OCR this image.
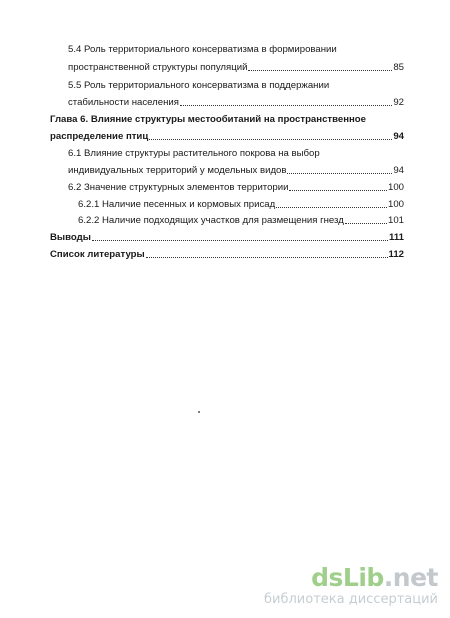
5.4 Роль территориального консерватизма в формировании
пространственной структуры популяций	85
5.5 Роль территориального консерватизма в поддержании
стабильности населения	92
Глава 6. Влияние структуры местообитаний на пространственное
распределение птиц	94
6.1 Влияние структуры растительного покрова на выбор
индивидуальных территорий у модельных видов	94
6.2 Значение структурных элементов территории	100
6.2.1 Наличие песенных и кормовых присад	100
6.2.2 Наличие подходящих участков для размещения гнезд	101
Выводы	111
Список литературы	112
dsLib.net
библиотека диссертаций
